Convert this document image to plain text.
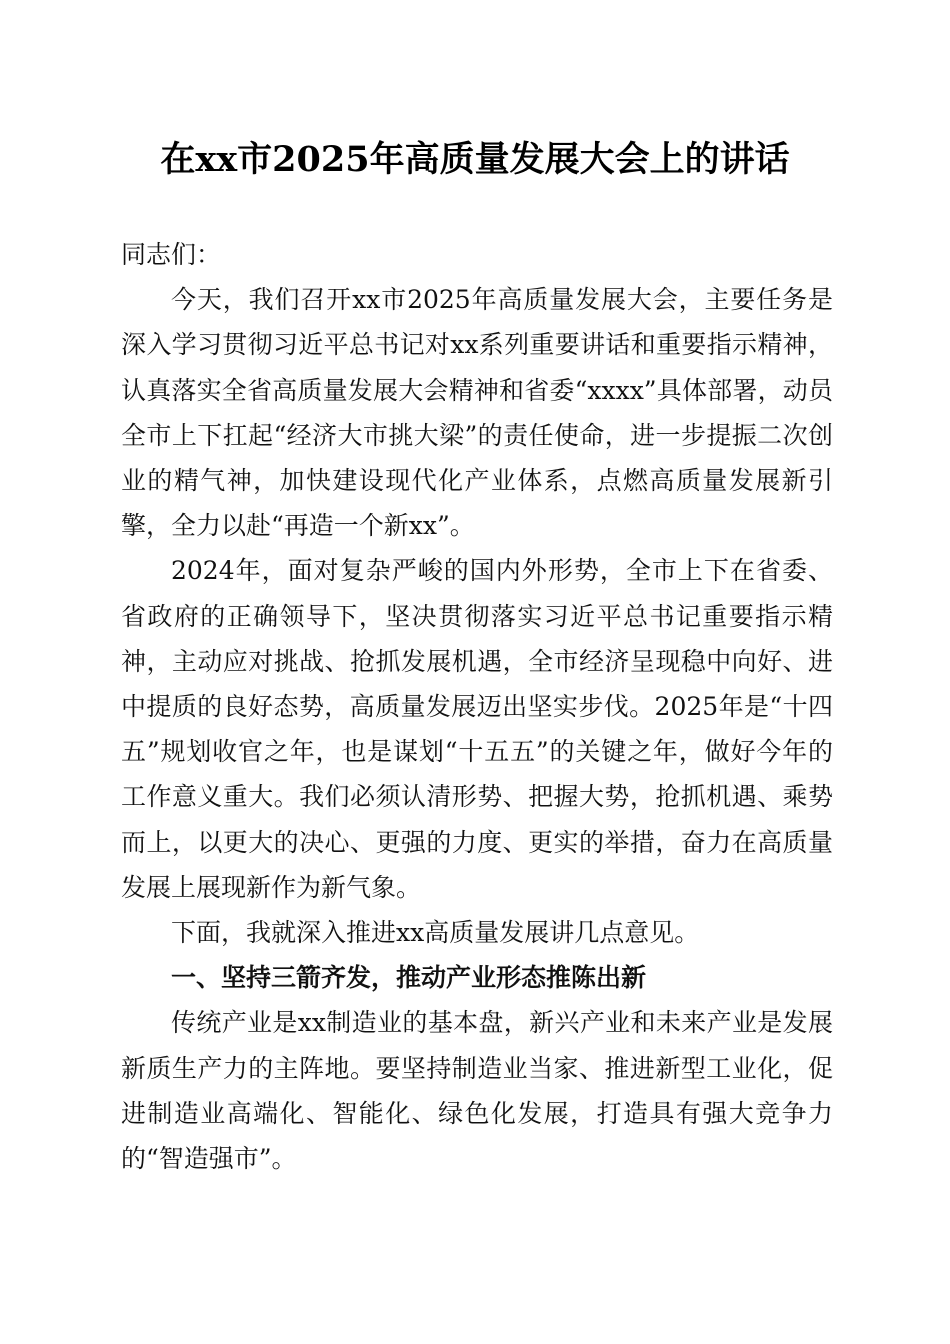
在xx市2025年高质量发展大会上的讲话

同志们：

今天，我们召开xx市2025年高质量发展大会，主要任务是深入学习贯彻习近平总书记对xx系列重要讲话和重要指示精神，认真落实全省高质量发展大会精神和省委“xxxx”具体部署，动员全市上下扛起“经济大市挑大梁”的责任使命，进一步提振二次创业的精气神，加快建设现代化产业体系，点燃高质量发展新引擎，全力以赴“再造一个新xx”。

2024年，面对复杂严峻的国内外形势，全市上下在省委、省政府的正确领导下，坚决贯彻落实习近平总书记重要指示精神，主动应对挑战、抢抓发展机遇，全市经济呈现稳中向好、进中提质的良好态势，高质量发展迈出坚实步伐。2025年是“十四五”规划收官之年，也是谋划“十五五”的关键之年，做好今年的工作意义重大。我们必须认清形势、把握大势，抢抓机遇、乘势而上，以更大的决心、更强的力度、更实的举措，奋力在高质量发展上展现新作为新气象。

下面，我就深入推进xx高质量发展讲几点意见。

一、坚持三箭齐发，推动产业形态推陈出新

传统产业是xx制造业的基本盘，新兴产业和未来产业是发展新质生产力的主阵地。要坚持制造业当家、推进新型工业化，促进制造业高端化、智能化、绿色化发展，打造具有强大竞争力的“智造强市”。
